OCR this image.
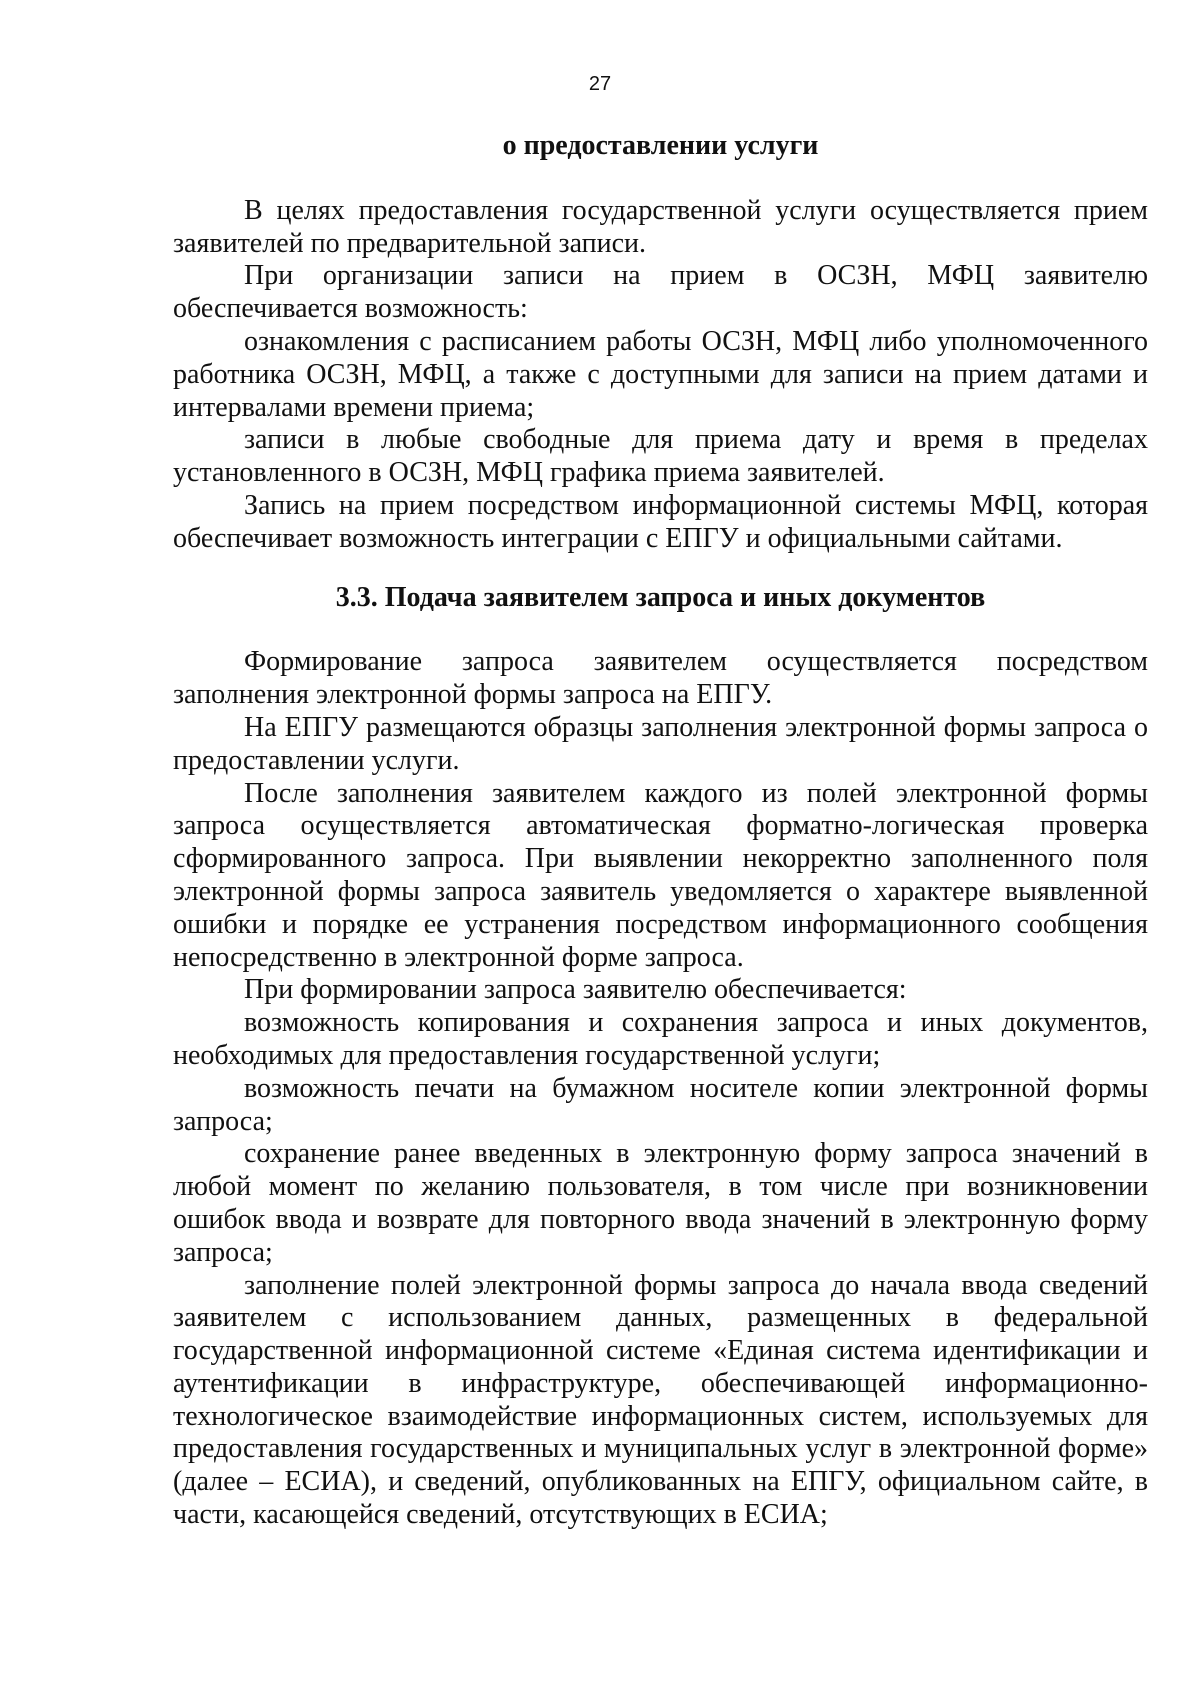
27

о предоставлении услуги

В целях предоставления государственной услуги осуществляется прием заявителей по предварительной записи.

При организации записи на прием в ОСЗН, МФЦ заявителю обеспечивается возможность:

ознакомления с расписанием работы ОСЗН, МФЦ либо уполномоченного работника ОСЗН, МФЦ, а также с доступными для записи на прием датами и интервалами времени приема;

записи в любые свободные для приема дату и время в пределах установленного в ОСЗН, МФЦ графика приема заявителей.

Запись на прием посредством информационной системы МФЦ, которая обеспечивает возможность интеграции с ЕПГУ и официальными сайтами.

3.3. Подача заявителем запроса и иных документов

Формирование запроса заявителем осуществляется посредством заполнения электронной формы запроса на ЕПГУ.

На ЕПГУ размещаются образцы заполнения электронной формы запроса о предоставлении услуги.

После заполнения заявителем каждого из полей электронной формы запроса осуществляется автоматическая форматно-логическая проверка сформированного запроса. При выявлении некорректно заполненного поля электронной формы запроса заявитель уведомляется о характере выявленной ошибки и порядке ее устранения посредством информационного сообщения непосредственно в электронной форме запроса.

При формировании запроса заявителю обеспечивается:

возможность копирования и сохранения запроса и иных документов, необходимых для предоставления государственной услуги;

возможность печати на бумажном носителе копии электронной формы запроса;

сохранение ранее введенных в электронную форму запроса значений в любой момент по желанию пользователя, в том числе при возникновении ошибок ввода и возврате для повторного ввода значений в электронную форму запроса;

заполнение полей электронной формы запроса до начала ввода сведений заявителем с использованием данных, размещенных в федеральной государственной информационной системе «Единая система идентификации и аутентификации в инфраструктуре, обеспечивающей информационно-технологическое взаимодействие информационных систем, используемых для предоставления государственных и муниципальных услуг в электронной форме» (далее – ЕСИА), и сведений, опубликованных на ЕПГУ, официальном сайте, в части, касающейся сведений, отсутствующих в ЕСИА;
